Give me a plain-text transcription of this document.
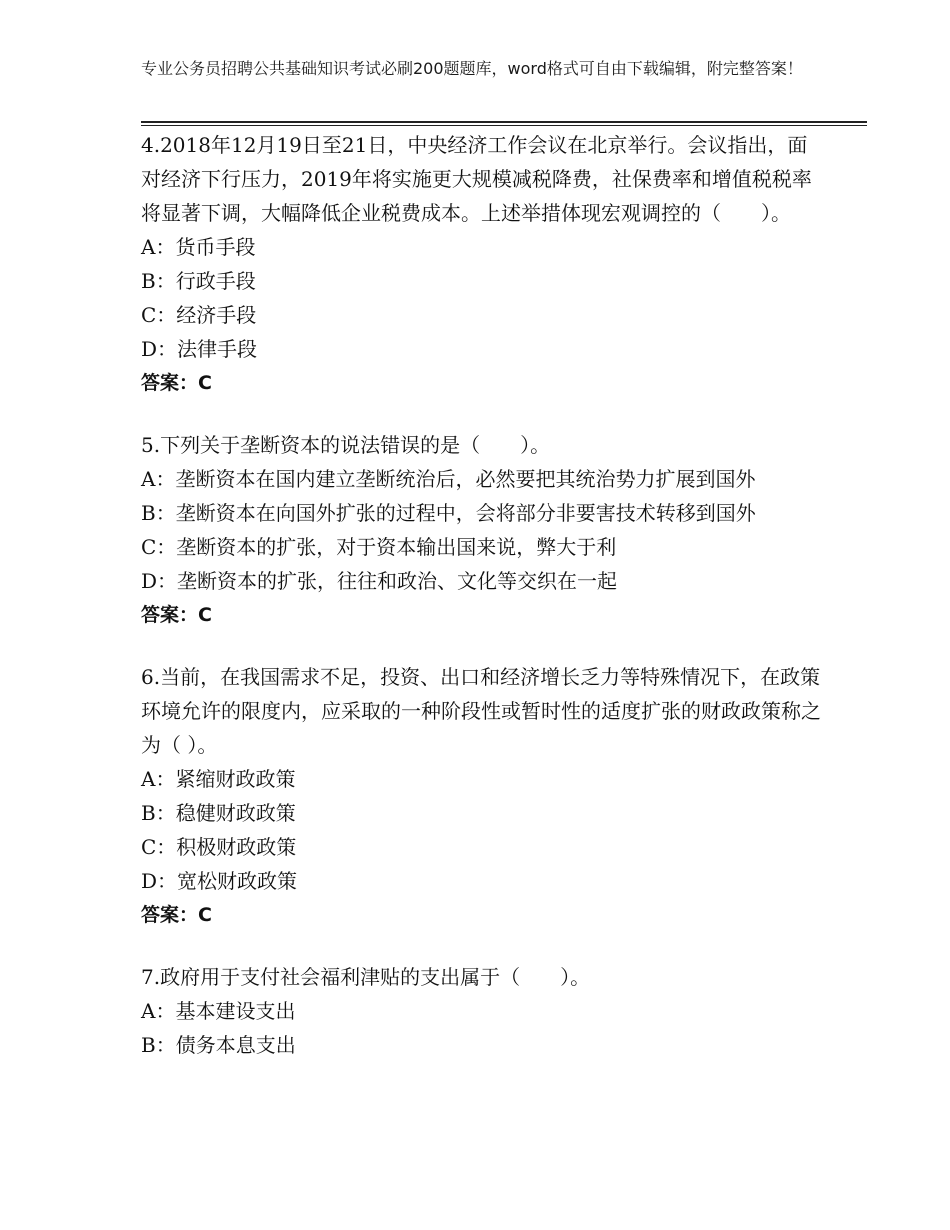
专业公务员招聘公共基础知识考试必刷200题题库，word格式可自由下载编辑，附完整答案！
4.2018年12月19日至21日，中央经济工作会议在北京举行。会议指出，面对经济下行压力，2019年将实施更大规模减税降费，社保费率和增值税税率将显著下调，大幅降低企业税费成本。上述举措体现宏观调控的（　　）。
A：货币手段
B：行政手段
C：经济手段
D：法律手段
答案：C
5.下列关于垄断资本的说法错误的是（　　）。
A：垄断资本在国内建立垄断统治后，必然要把其统治势力扩展到国外
B：垄断资本在向国外扩张的过程中，会将部分非要害技术转移到国外
C：垄断资本的扩张，对于资本输出国来说，弊大于利
D：垄断资本的扩张，往往和政治、文化等交织在一起
答案：C
6.当前，在我国需求不足，投资、出口和经济增长乏力等特殊情况下，在政策环境允许的限度内，应采取的一种阶段性或暂时性的适度扩张的财政政策称之为（ ）。
A：紧缩财政政策
B：稳健财政政策
C：积极财政政策
D：宽松财政政策
答案：C
7.政府用于支付社会福利津贴的支出属于（　　）。
A：基本建设支出
B：债务本息支出
